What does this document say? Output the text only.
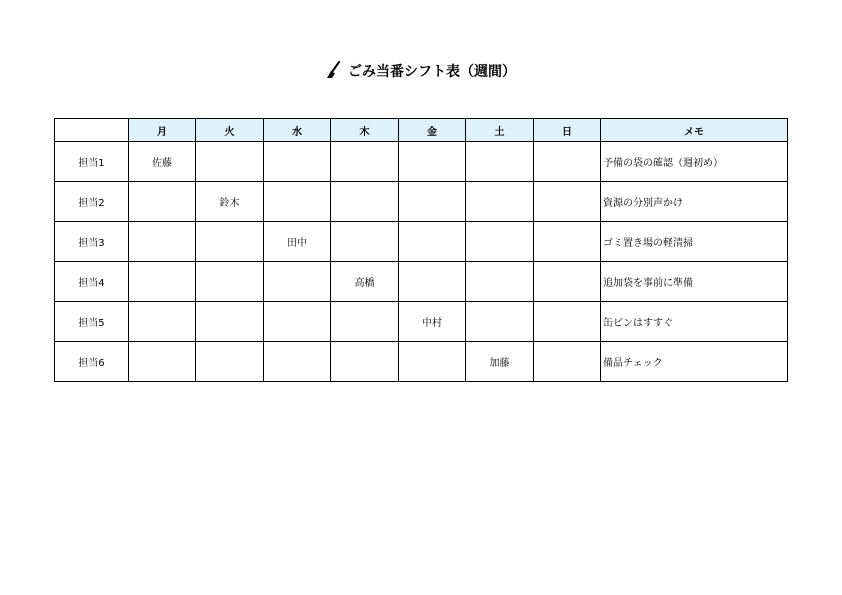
ごみ当番シフト表（週間）
	月	火	水	木	金	土	日	メモ
担当1	佐藤							予備の袋の確認（週初め）
担当2		鈴木						資源の分別声かけ
担当3			田中					ゴミ置き場の軽清掃
担当4				高橋				追加袋を事前に準備
担当5					中村			缶ビンはすすぐ
担当6						加藤		備品チェック
